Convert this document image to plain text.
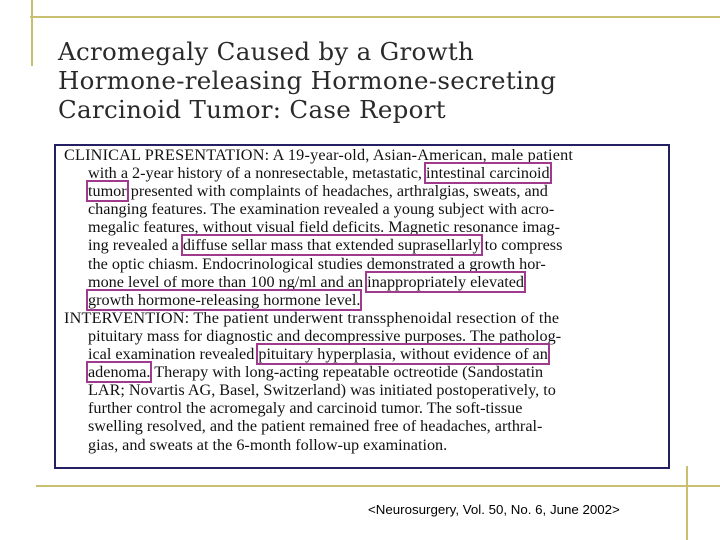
Acromegaly Caused by a Growth
Hormone-releasing Hormone-secreting
Carcinoid Tumor: Case Report
CLINICAL PRESENTATION: A 19-year-old, Asian-American, male patient
with a 2-year history of a nonresectable, metastatic, intestinal carcinoid
tumor presented with complaints of headaches, arthralgias, sweats, and
changing features. The examination revealed a young subject with acro-
megalic features, without visual field deficits. Magnetic resonance imag-
ing revealed a diffuse sellar mass that extended suprasellarly to compress
the optic chiasm. Endocrinological studies demonstrated a growth hor-
mone level of more than 100 ng/ml and an inappropriately elevated
growth hormone-releasing hormone level.
INTERVENTION: The patient underwent transsphenoidal resection of the
pituitary mass for diagnostic and decompressive purposes. The patholog-
ical examination revealed pituitary hyperplasia, without evidence of an
adenoma. Therapy with long-acting repeatable octreotide (Sandostatin
LAR; Novartis AG, Basel, Switzerland) was initiated postoperatively, to
further control the acromegaly and carcinoid tumor. The soft-tissue
swelling resolved, and the patient remained free of headaches, arthral-
gias, and sweats at the 6-month follow-up examination.
<Neurosurgery, Vol. 50, No. 6, June 2002>
